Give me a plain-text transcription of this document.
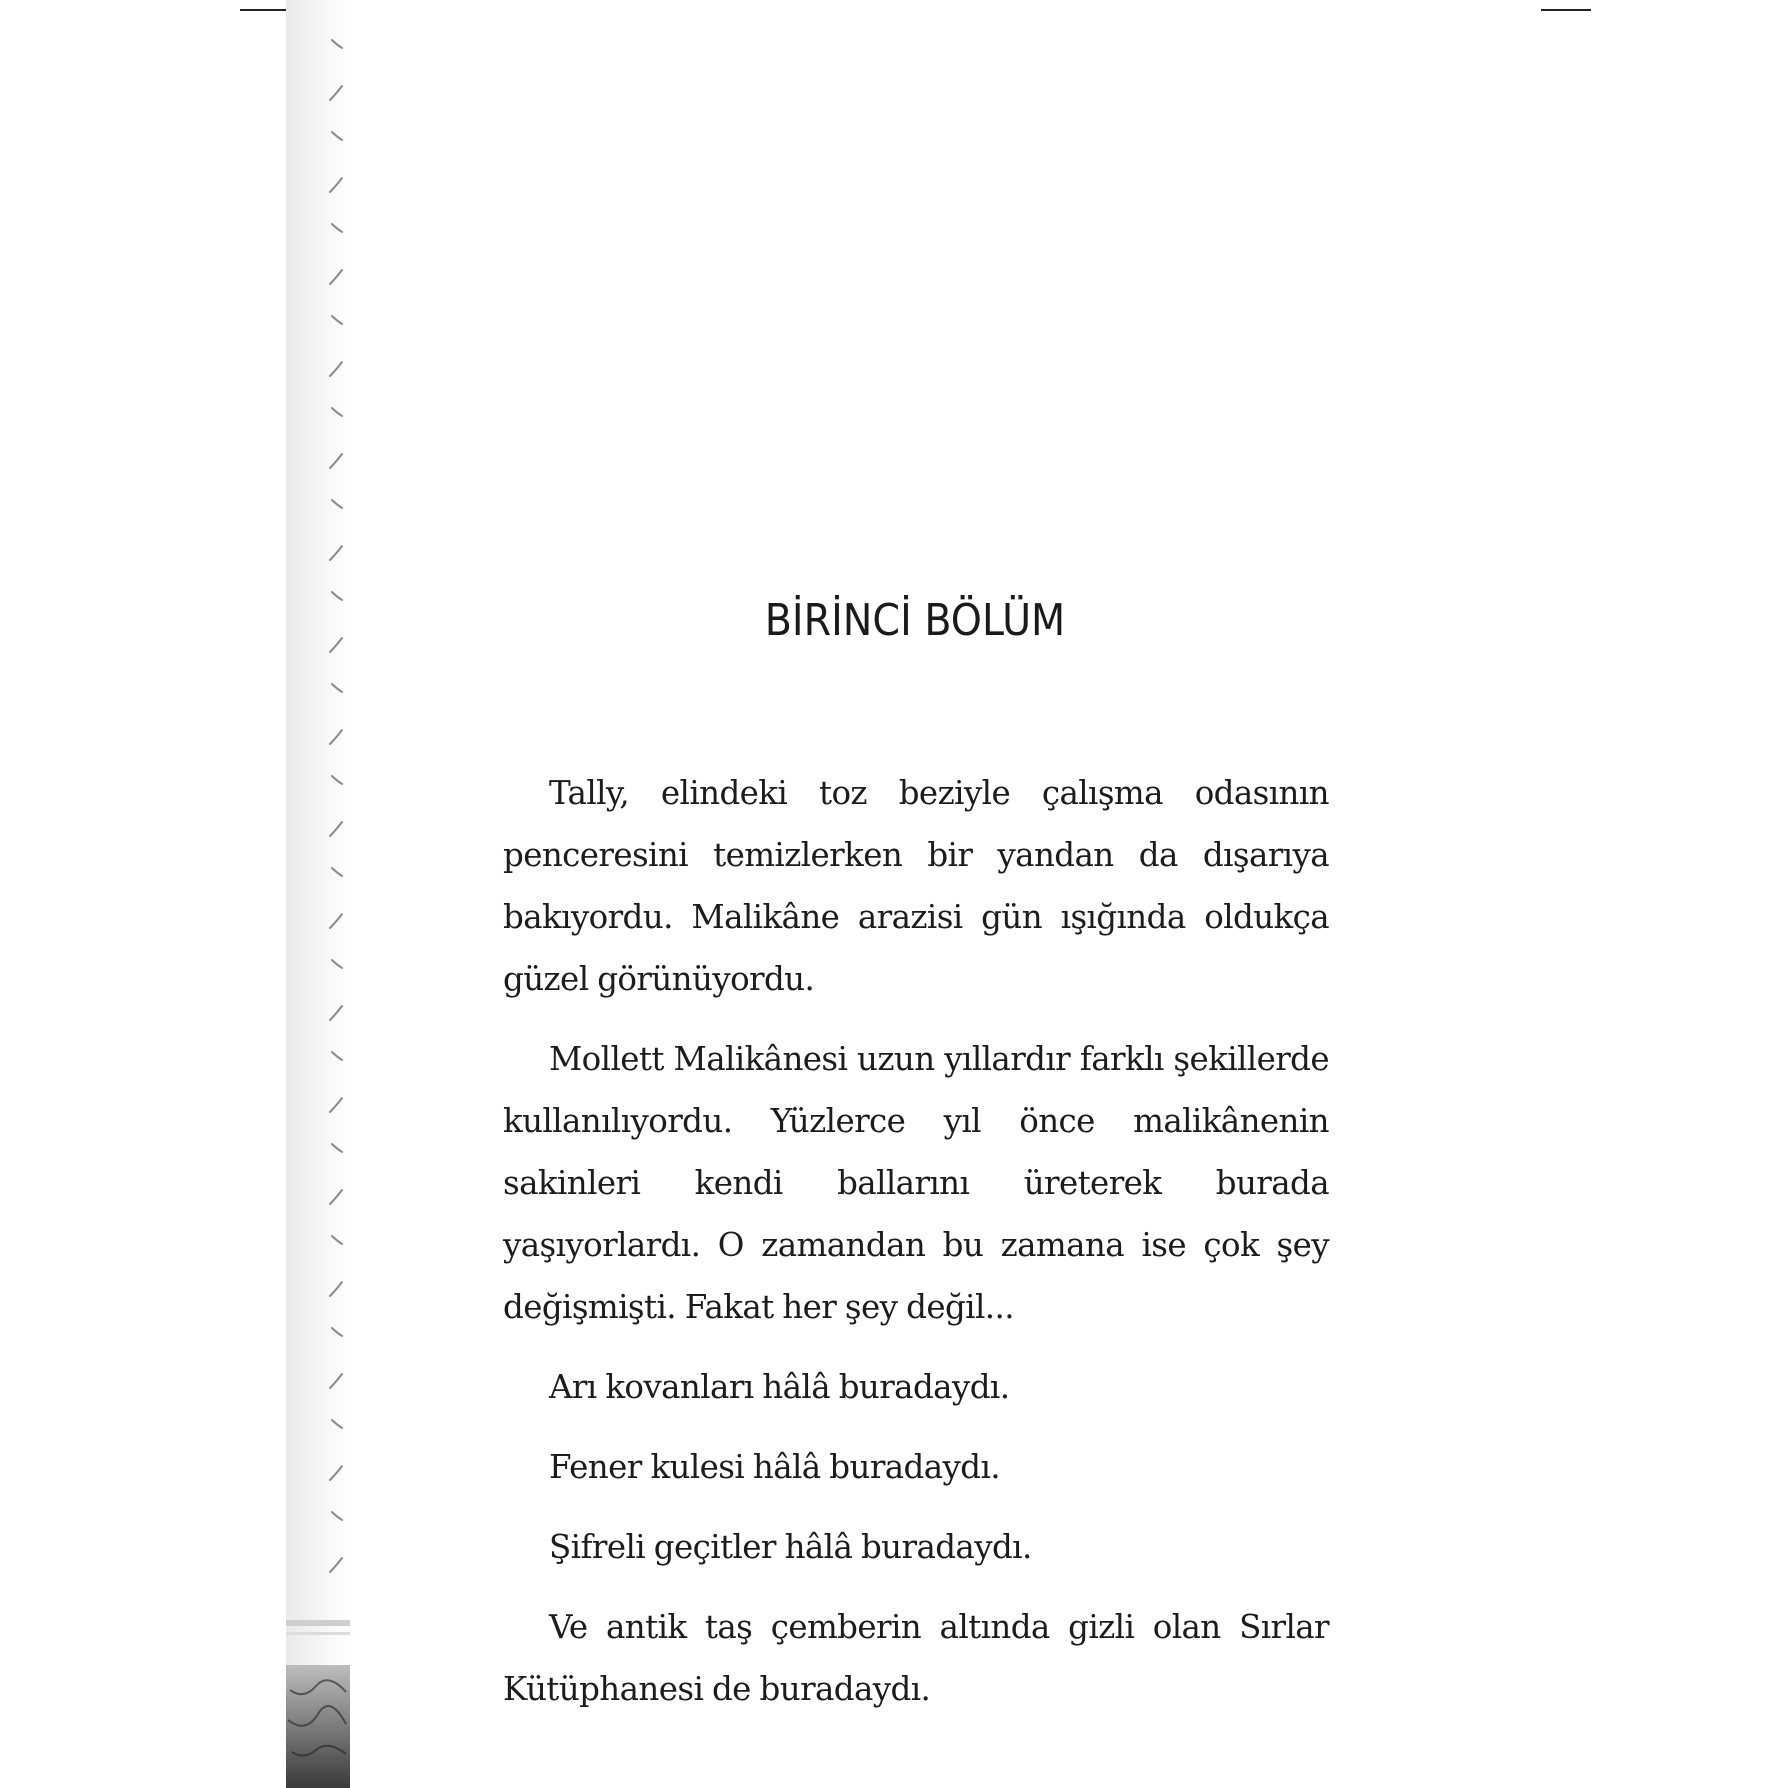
BİRİNCİ BÖLÜM

Tally, elindeki toz beziyle çalışma odasının penceresini temizlerken bir yandan da dışarıya bakıyordu. Malikâne arazisi gün ışığında oldukça güzel görünüyordu.

Mollett Malikânesi uzun yıllardır farklı şekillerde kullanılıyordu. Yüzlerce yıl önce malikânenin sakinleri kendi ballarını üreterek burada yaşıyorlardı. O zamandan bu zamana ise çok şey değişmişti. Fakat her şey değil...

Arı kovanları hâlâ buradaydı.

Fener kulesi hâlâ buradaydı.

Şifreli geçitler hâlâ buradaydı.

Ve antik taş çemberin altında gizli olan Sırlar Kütüphanesi de buradaydı.
